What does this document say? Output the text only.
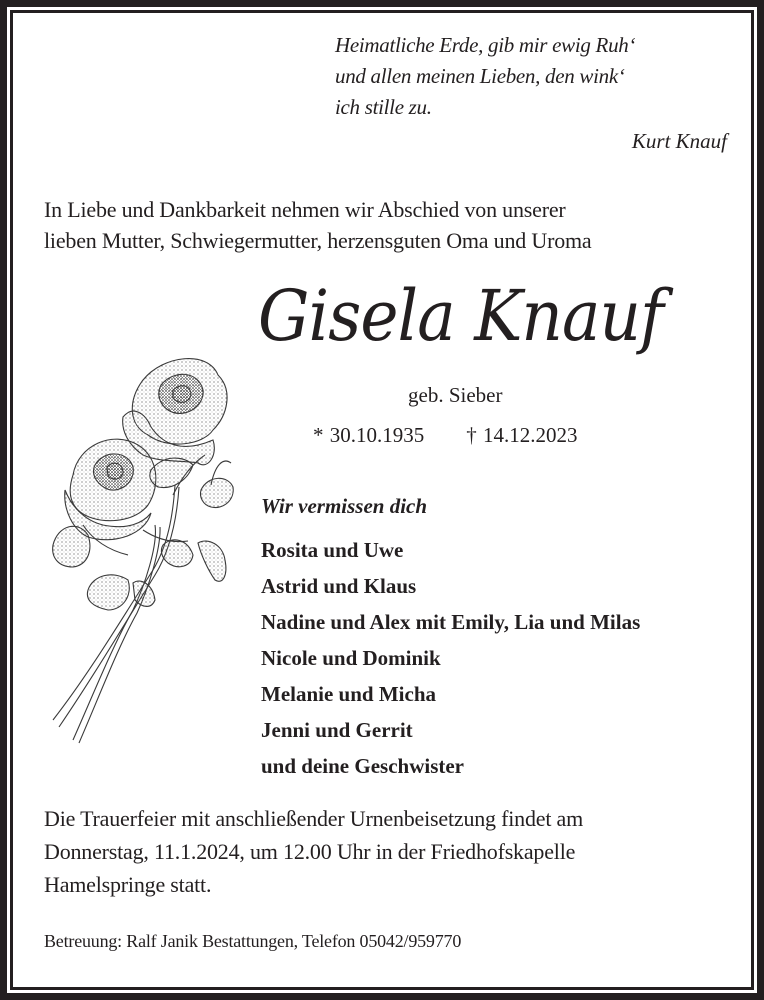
Heimatliche Erde, gib mir ewig Ruh‘
und allen meinen Lieben, den wink‘
ich stille zu.
Kurt Knauf
In Liebe und Dankbarkeit nehmen wir Abschied von unserer
lieben Mutter, Schwiegermutter, herzensguten Oma und Uroma
Gisela Knauf
geb. Sieber
* 30.10.1935 † 14.12.2023
Wir vermissen dich
Rosita und Uwe
Astrid und Klaus
Nadine und Alex mit Emily, Lia und Milas
Nicole und Dominik
Melanie und Micha
Jenni und Gerrit
und deine Geschwister
Die Trauerfeier mit anschließender Urnenbeisetzung findet am
Donnerstag, 11.1.2024, um 12.00 Uhr in der Friedhofskapelle
Hamelspringe statt.
Betreuung: Ralf Janik Bestattungen, Telefon 05042/959770
